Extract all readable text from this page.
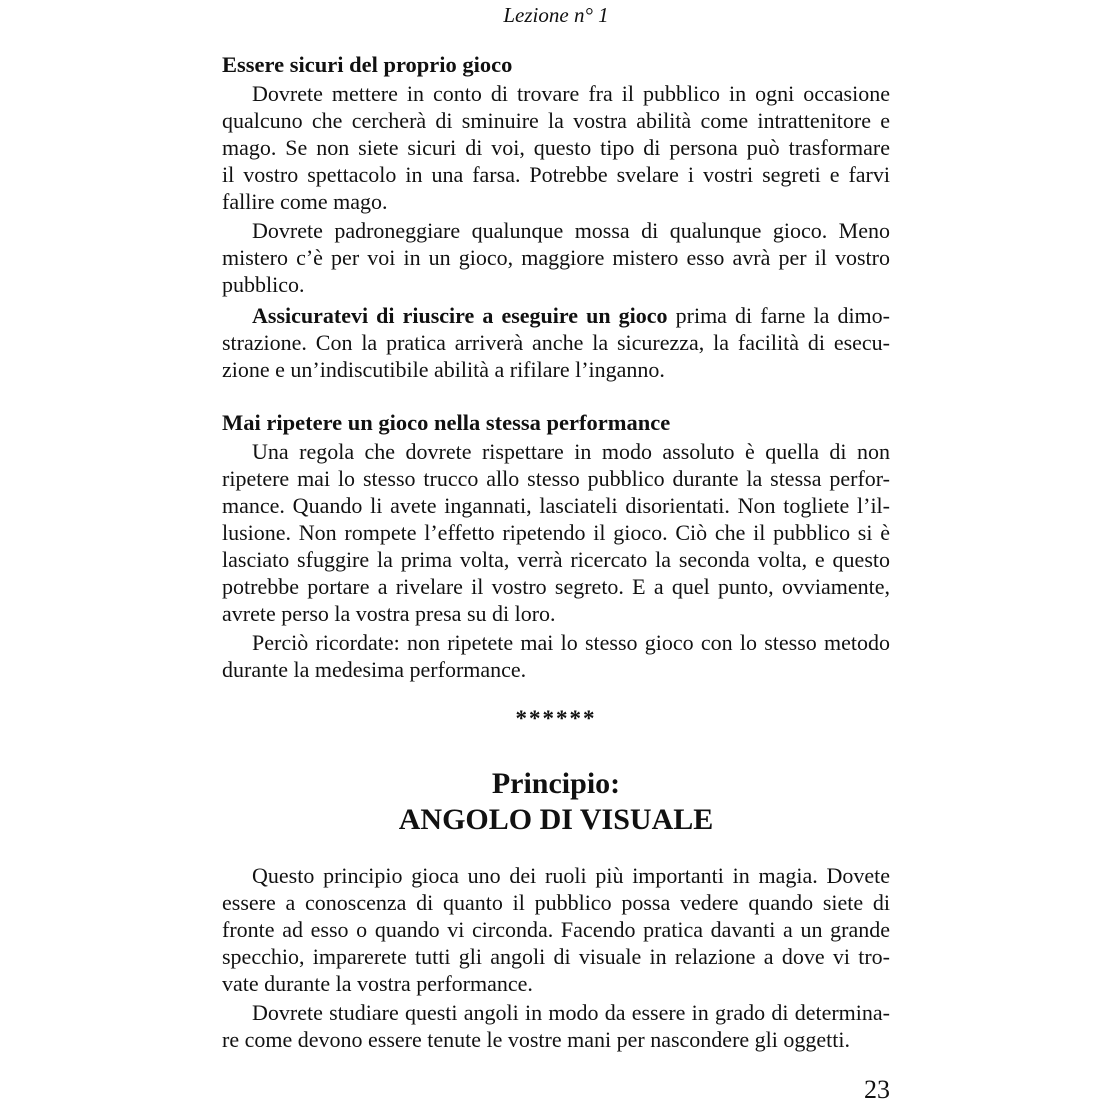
Lezione n° 1
Essere sicuri del proprio gioco
Dovrete mettere in conto di trovare fra il pubblico in ogni occasione
qualcuno che cercherà di sminuire la vostra abilità come intrattenitore e
mago. Se non siete sicuri di voi, questo tipo di persona può trasformare
il vostro spettacolo in una farsa. Potrebbe svelare i vostri segreti e farvi
fallire come mago.
Dovrete padroneggiare qualunque mossa di qualunque gioco. Meno
mistero c’è per voi in un gioco, maggiore mistero esso avrà per il vostro
pubblico.
Assicuratevi di riuscire a eseguire un gioco prima di farne la dimo-
strazione. Con la pratica arriverà anche la sicurezza, la facilità di esecu-
zione e un’indiscutibile abilità a rifilare l’inganno.
Mai ripetere un gioco nella stessa performance
Una regola che dovrete rispettare in modo assoluto è quella di non
ripetere mai lo stesso trucco allo stesso pubblico durante la stessa perfor-
mance. Quando li avete ingannati, lasciateli disorientati. Non togliete l’il-
lusione. Non rompete l’effetto ripetendo il gioco. Ciò che il pubblico si è
lasciato sfuggire la prima volta, verrà ricercato la seconda volta, e questo
potrebbe portare a rivelare il vostro segreto. E a quel punto, ovviamente,
avrete perso la vostra presa su di loro.
Perciò ricordate: non ripetete mai lo stesso gioco con lo stesso metodo
durante la medesima performance.
******
Principio:
ANGOLO DI VISUALE
Questo principio gioca uno dei ruoli più importanti in magia. Dovete
essere a conoscenza di quanto il pubblico possa vedere quando siete di
fronte ad esso o quando vi circonda. Facendo pratica davanti a un grande
specchio, imparerete tutti gli angoli di visuale in relazione a dove vi tro-
vate durante la vostra performance.
Dovrete studiare questi angoli in modo da essere in grado di determina-
re come devono essere tenute le vostre mani per nascondere gli oggetti.
23
